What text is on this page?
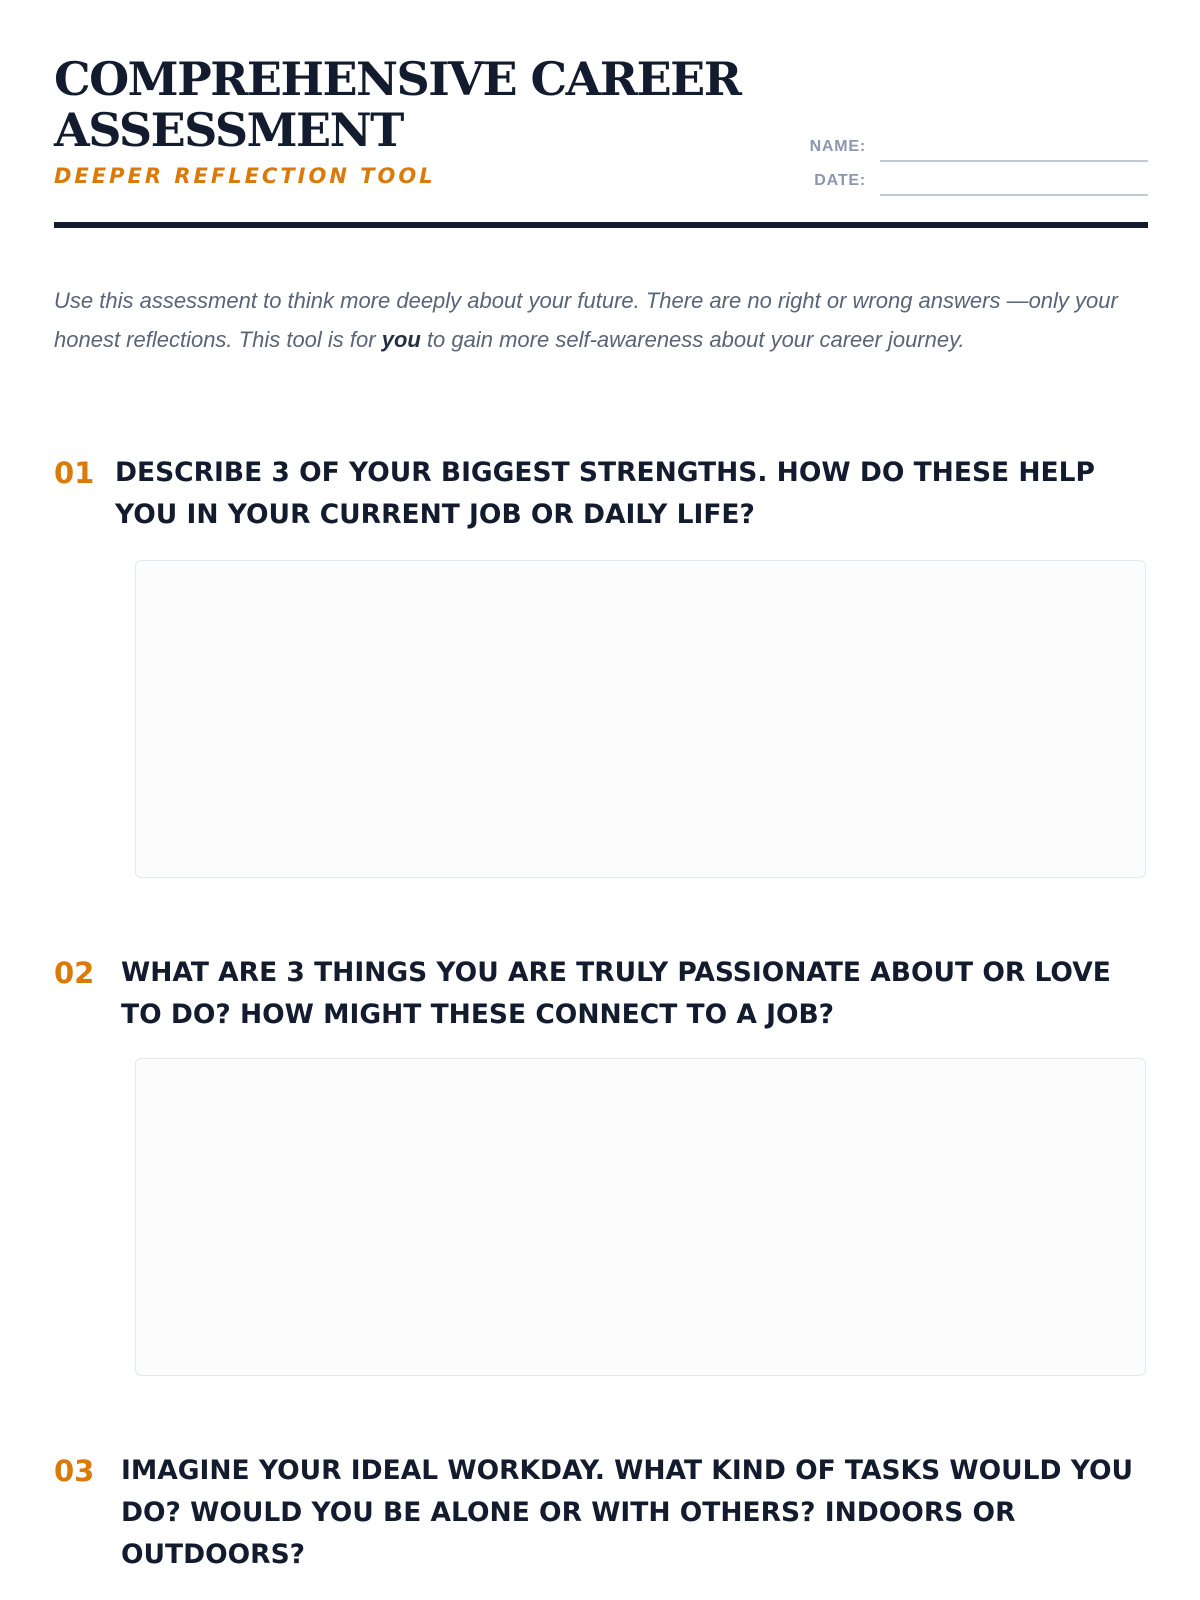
COMPREHENSIVE CAREER
ASSESSMENT
DEEPER REFLECTION TOOL
NAME:
DATE:

Use this assessment to think more deeply about your future. There are no right or wrong answers —only your honest reflections. This tool is for you to gain more self-awareness about your career journey.

01 DESCRIBE 3 OF YOUR BIGGEST STRENGTHS. HOW DO THESE HELP YOU IN YOUR CURRENT JOB OR DAILY LIFE?

02 WHAT ARE 3 THINGS YOU ARE TRULY PASSIONATE ABOUT OR LOVE TO DO? HOW MIGHT THESE CONNECT TO A JOB?

03 IMAGINE YOUR IDEAL WORKDAY. WHAT KIND OF TASKS WOULD YOU DO? WOULD YOU BE ALONE OR WITH OTHERS? INDOORS OR OUTDOORS?
